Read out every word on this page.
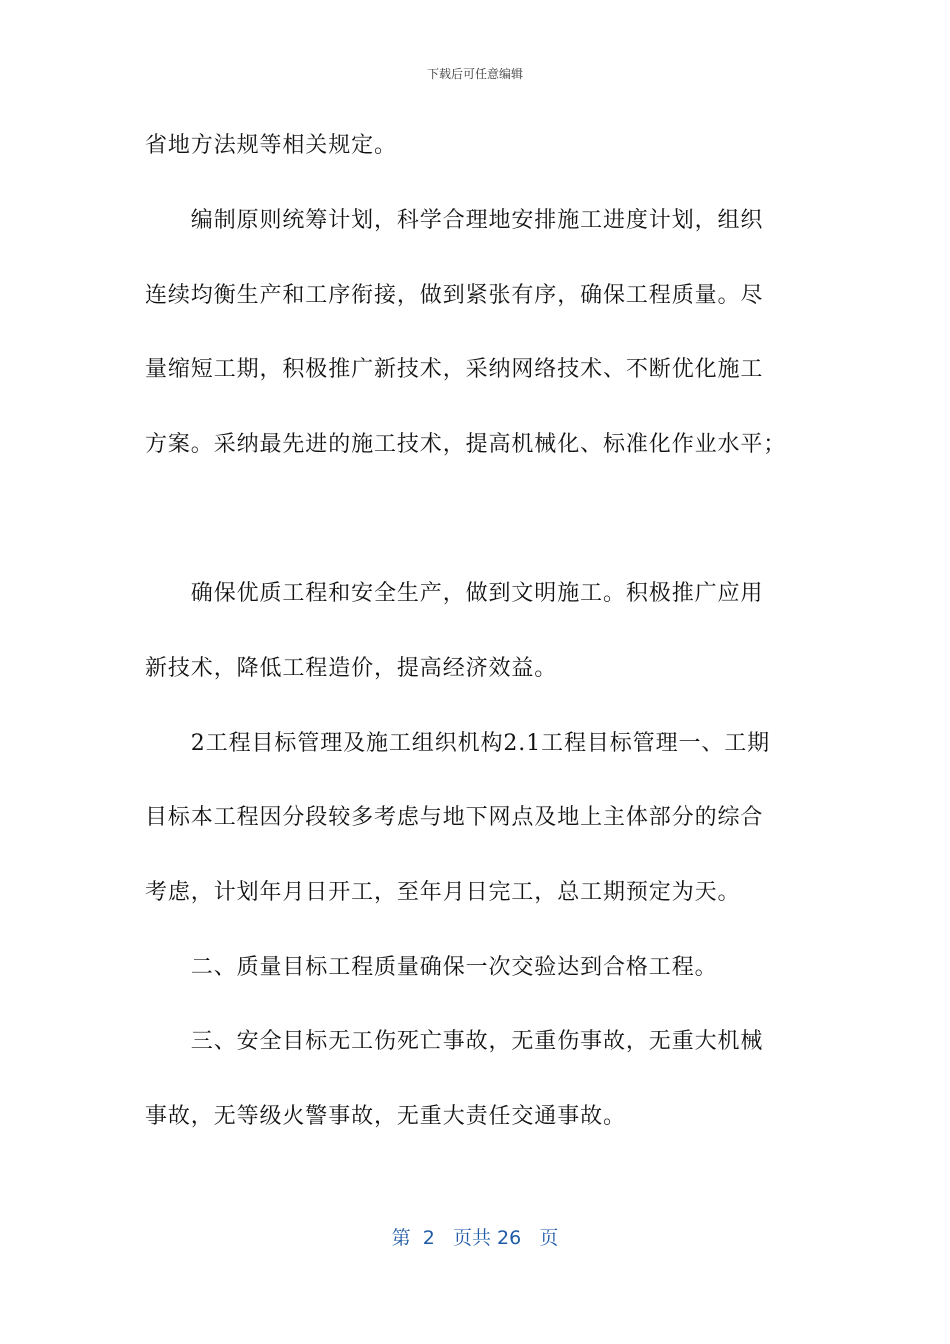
下载后可任意编辑
省地方法规等相关规定。
　　编制原则统筹计划，科学合理地安排施工进度计划，组织
连续均衡生产和工序衔接，做到紧张有序，确保工程质量。尽
量缩短工期，积极推广新技术，采纳网络技术、不断优化施工
方案。采纳最先进的施工技术，提高机械化、标准化作业水平；
　　确保优质工程和安全生产，做到文明施工。积极推广应用
新技术，降低工程造价，提高经济效益。
　　2工程目标管理及施工组织机构2.1工程目标管理一、工期
目标本工程因分段较多考虑与地下网点及地上主体部分的综合
考虑，计划年月日开工，至年月日完工，总工期预定为天。
　　二、质量目标工程质量确保一次交验达到合格工程。
　　三、安全目标无工伤死亡事故，无重伤事故，无重大机械
事故，无等级火警事故，无重大责任交通事故。
第 2 页共 26 页
